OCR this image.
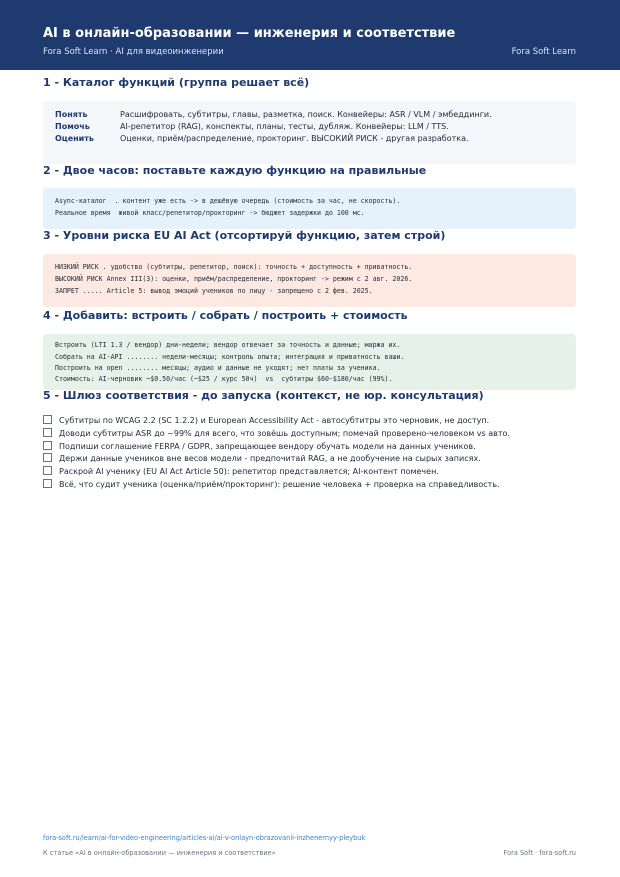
AI в онлайн-образовании — инженерия и соответствие
Fora Soft Learn · AI для видеоинженерии	Fora Soft Learn
1 - Каталог функций (группа решает всё)
Понять	Расшифровать, субтитры, главы, разметка, поиск. Конвейеры: ASR / VLM / эмбеддинги.
Помочь	AI-репетитор (RAG), конспекты, планы, тесты, дубляж. Конвейеры: LLM / TTS.
Оценить	Оценки, приём/распределение, прокторинг. ВЫСОКИЙ РИСК - другая разработка.
2 - Двое часов: поставьте каждую функцию на правильные
Async-каталог  . контент уже есть -> в дешёвую очередь (стоимость за час, не скорость).
Реальное время  живой класс/репетитор/прокторинг -> бюджет задержки до 100 мс.
3 - Уровни риска EU AI Act (отсортируй функцию, затем строй)
НИЗКИЙ РИСК . удобство (субтитры, репетитор, поиск): точность + доступность + приватность.
ВЫСОКИЙ РИСК Annex III(3): оценки, приём/распределение, прокторинг -> режим с 2 авг. 2026.
ЗАПРЕТ ..... Article 5: вывод эмоций учеников по лицу - запрещено с 2 фев. 2025.
4 - Добавить: встроить / собрать / построить + стоимость
Встроить (LTI 1.3 / вендор) дни-недели; вендор отвечает за точность и данные; маржа их.
Собрать на AI-API ........ недели-месяцы; контроль опыта; интеграция и приватность ваши.
Построить на open ........ месяцы; аудио и данные не уходят; нет платы за ученика.
Стоимость: AI-черновик ~$0.50/час (~$25 / курс 50ч)  vs  субтитры $60-$180/час (99%).
5 - Шлюз соответствия - до запуска (контекст, не юр. консультация)
Субтитры по WCAG 2.2 (SC 1.2.2) и European Accessibility Act - автосубтитры это черновик, не доступ.
Доводи субтитры ASR до ~99% для всего, что зовёшь доступным; помечай проверено-человеком vs авто.
Подпиши соглашение FERPA / GDPR, запрещающее вендору обучать модели на данных учеников.
Держи данные учеников вне весов модели - предпочитай RAG, а не дообучение на сырых записях.
Раскрой AI ученику (EU AI Act Article 50): репетитор представляется; AI-контент помечен.
Всё, что судит ученика (оценка/приём/прокторинг): решение человека + проверка на справедливость.
fora-soft.ru/learn/ai-for-video-engineering/articles-ai/ai-v-onlayn-obrazovanii-inzhenernyy-pleybuk
К статье «AI в онлайн-образовании — инженерия и соответствие»	Fora Soft · fora-soft.ru
